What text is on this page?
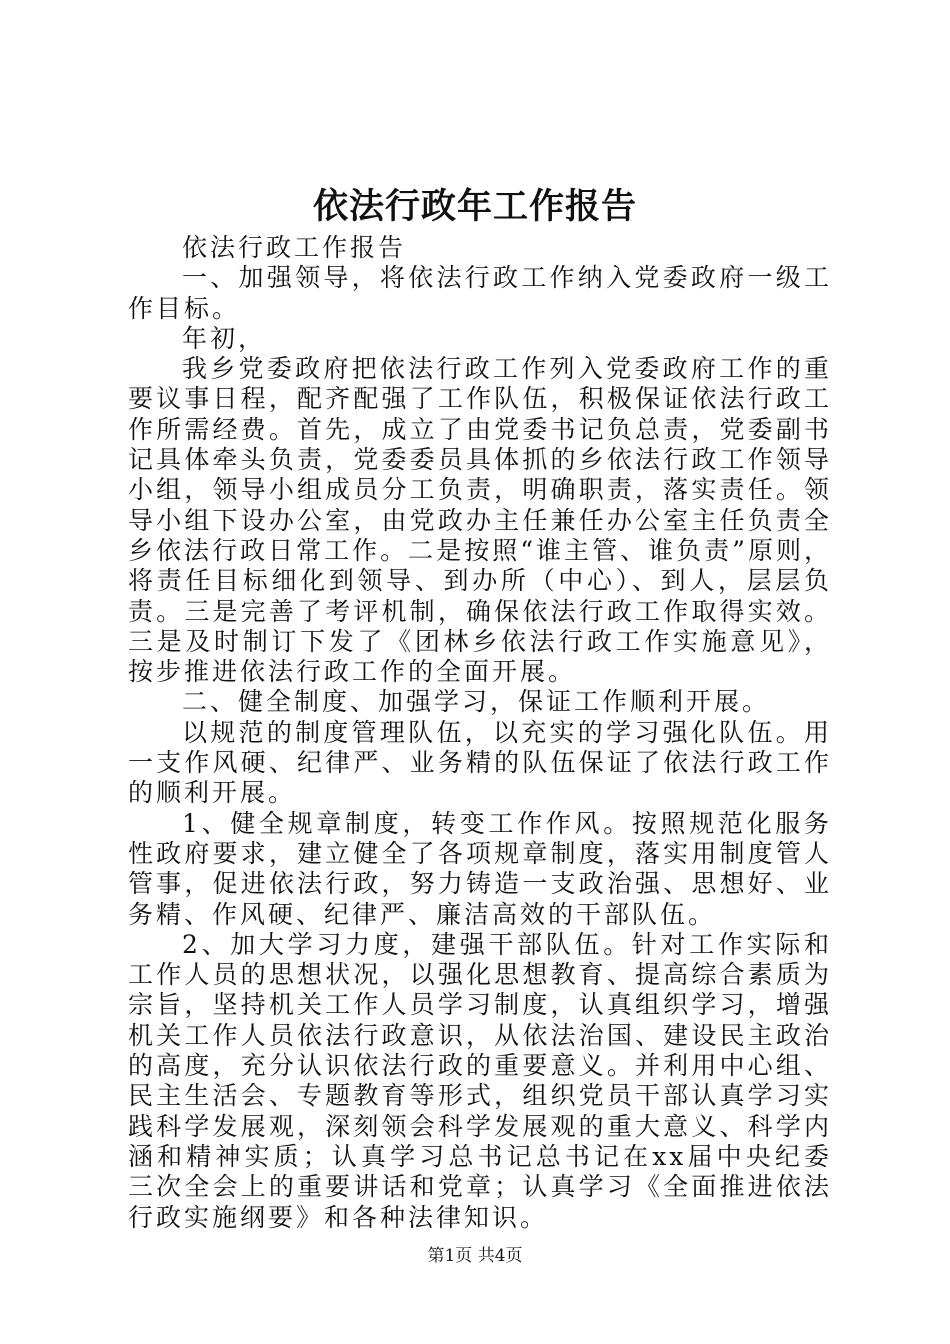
依法行政年工作报告

依法行政工作报告

一、加强领导，将依法行政工作纳入党委政府一级工作目标。

年初，

我乡党委政府把依法行政工作列入党委政府工作的重要议事日程，配齐配强了工作队伍，积极保证依法行政工作所需经费。首先，成立了由党委书记负总责，党委副书记具体牵头负责，党委委员具体抓的乡依法行政工作领导小组，领导小组成员分工负责，明确职责，落实责任。领导小组下设办公室，由党政办主任兼任办公室主任负责全乡依法行政日常工作。二是按照“谁主管、谁负责”原则，将责任目标细化到领导、到办所（中心）、到人，层层负责。三是完善了考评机制，确保依法行政工作取得实效。三是及时制订下发了《团林乡依法行政工作实施意见》，按步推进依法行政工作的全面开展。

二、健全制度、加强学习，保证工作顺利开展。

以规范的制度管理队伍，以充实的学习强化队伍。用一支作风硬、纪律严、业务精的队伍保证了依法行政工作的顺利开展。

1、健全规章制度，转变工作作风。按照规范化服务性政府要求，建立健全了各项规章制度，落实用制度管人管事，促进依法行政，努力铸造一支政治强、思想好、业务精、作风硬、纪律严、廉洁高效的干部队伍。

2、加大学习力度，建强干部队伍。针对工作实际和工作人员的思想状况，以强化思想教育、提高综合素质为宗旨，坚持机关工作人员学习制度，认真组织学习，增强机关工作人员依法行政意识，从依法治国、建设民主政治的高度，充分认识依法行政的重要意义。并利用中心组、民主生活会、专题教育等形式，组织党员干部认真学习实践科学发展观，深刻领会科学发展观的重大意义、科学内涵和精神实质；认真学习总书记总书记在xx届中央纪委三次全会上的重要讲话和党章；认真学习《全面推进依法行政实施纲要》和各种法律知识。

第1页 共4页
